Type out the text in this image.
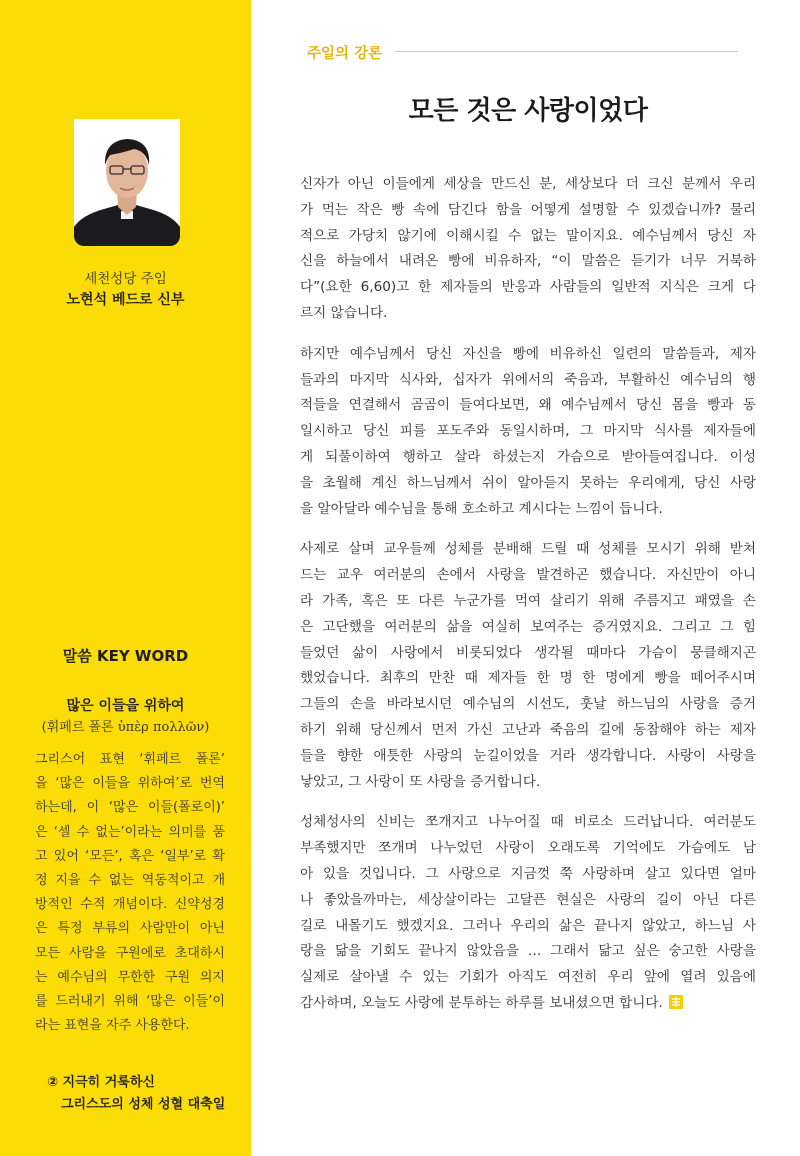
세천성당 주임
노현석 베드로 신부
말씀 KEY WORD
많은 이들을 위하여
(휘페르 폴론 ὑπὲρ πολλῶν)
그리스어 표현 ‘휘페르 폴론’
을 ‘많은 이들을 위하여’로 번역
하는데, 이 ‘많은 이들(폴로이)’
은 ‘셀 수 없는’이라는 의미를 품
고 있어 ‘모든’, 혹은 ‘일부’로 확
정 지을 수 없는 역동적이고 개
방적인 수적 개념이다. 신약성경
은 특정 부류의 사람만이 아닌
모든 사람을 구원에로 초대하시
는 예수님의 무한한 구원 의지
를 드러내기 위해 ‘많은 이들’이
라는 표현을 자주 사용한다.
② 지극히 거룩하신
그리스도의 성체 성혈 대축일
주일의 강론
모든 것은 사랑이었다
신자가 아닌 이들에게 세상을 만드신 분, 세상보다 더 크신 분께서 우리
가 먹는 작은 빵 속에 담긴다 함을 어떻게 설명할 수 있겠습니까? 물리
적으로 가당치 않기에 이해시킬 수 없는 말이지요. 예수님께서 당신 자
신을 하늘에서 내려온 빵에 비유하자, “이 말씀은 듣기가 너무 거북하
다”(요한 6,60)고 한 제자들의 반응과 사람들의 일반적 지식은 크게 다
르지 않습니다.
하지만 예수님께서 당신 자신을 빵에 비유하신 일련의 말씀들과, 제자
들과의 마지막 식사와, 십자가 위에서의 죽음과, 부활하신 예수님의 행
적들을 연결해서 곰곰이 들여다보면, 왜 예수님께서 당신 몸을 빵과 동
일시하고 당신 피를 포도주와 동일시하며, 그 마지막 식사를 제자들에
게 되풀이하여 행하고 살라 하셨는지 가슴으로 받아들여집니다. 이성
을 초월해 계신 하느님께서 쉬이 알아듣지 못하는 우리에게, 당신 사랑
을 알아달라 예수님을 통해 호소하고 계시다는 느낌이 듭니다.
사제로 살며 교우들께 성체를 분배해 드릴 때 성체를 모시기 위해 받쳐
드는 교우 여러분의 손에서 사랑을 발견하곤 했습니다. 자신만이 아니
라 가족, 혹은 또 다른 누군가를 먹여 살리기 위해 주름지고 패였을 손
은 고단했을 여러분의 삶을 여실히 보여주는 증거였지요. 그리고 그 힘
들었던 삶이 사랑에서 비롯되었다 생각될 때마다 가슴이 뭉클해지곤
했었습니다. 최후의 만찬 때 제자들 한 명 한 명에게 빵을 떼어주시며
그들의 손을 바라보시던 예수님의 시선도, 훗날 하느님의 사랑을 증거
하기 위해 당신께서 먼저 가신 고난과 죽음의 길에 동참해야 하는 제자
들을 향한 애틋한 사랑의 눈길이었을 거라 생각합니다. 사랑이 사랑을
낳았고, 그 사랑이 또 사랑을 증거합니다.
성체성사의 신비는 쪼개지고 나누어질 때 비로소 드러납니다. 여러분도
부족했지만 쪼개며 나누었던 사랑이 오래도록 기억에도 가슴에도 남
아 있을 것입니다. 그 사랑으로 지금껏 쭉 사랑하며 살고 있다면 얼마
나 좋았을까마는, 세상살이라는 고달픈 현실은 사랑의 길이 아닌 다른
길로 내몰기도 했겠지요. 그러나 우리의 삶은 끝나지 않았고, 하느님 사
랑을 닮을 기회도 끝나지 않았음을 … 그래서 닮고 싶은 숭고한 사랑을
실제로 살아낼 수 있는 기회가 아직도 여전히 우리 앞에 열려 있음에
감사하며, 오늘도 사랑에 분투하는 하루를 보내셨으면 합니다.
